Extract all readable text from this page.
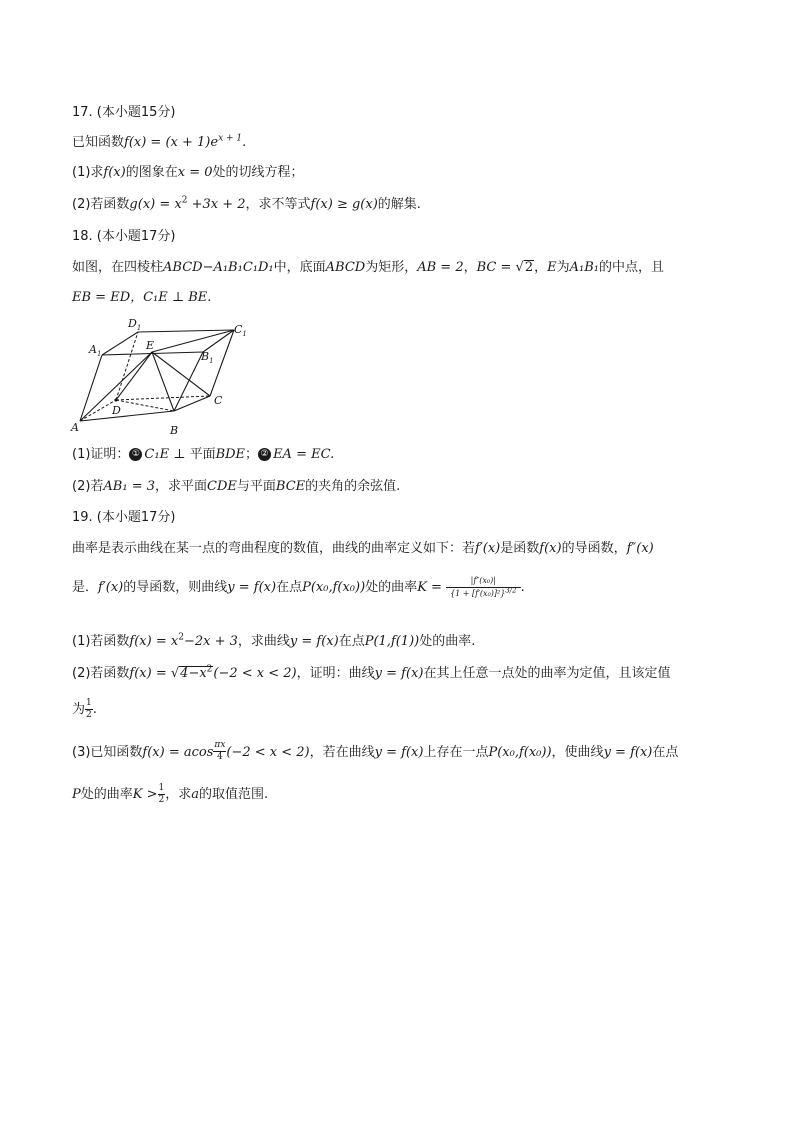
17. (本小题15分)
已知函数$f(x) = (x + 1)e^{x + 1}$.
(1)求f(x)的图象在x = 0处的切线方程；
(2)若函数$g(x) = x^2 +3x + 2$，求不等式f(x) ≥ g(x)的解集.
18. (本小题17分)
如图，在四棱柱ABCD−A₁B₁C₁D₁中，底面ABCD为矩形，AB = 2，BC = √2，E为A₁B₁的中点，且
EB = ED，C₁E ⊥ BE.
A	B
C
D
E
$A_1$	$B_1$
$C_1$
$D_1$
(1)证明： ① C₁E ⊥ 平面BDE； ② EA = EC.
(2)若AB₁ = 3，求平面CDE与平面BCE的夹角的余弦值.
19. (本小题17分)
曲率是表示曲线在某一点的弯曲程度的数值，曲线的曲率定义如下：若f′(x)是函数f(x)的导函数，f″(x)
是．f′(x)的导函数，则曲线y = f(x)在点P(x₀,f(x₀))处的曲率$K = \frac{\text{|f″(x₀)|}}{\{1 + [f'(x_0)]^2\}^{3/2}}$ .
(1)若函数$f(x) = x^2-2x + 3$，求曲线y = f(x)在点P(1,f(1))处的曲率.
(2)若函数$f(x) = √4-x^2(-2 < x < 2)$，证明：曲线y = f(x)在其上任意一点处的曲率为定值，且该定值
为 $\frac{1}{2}$ .
(3)已知函数f(x) = acos $\frac{\pi x}{4} (-2 < x < 2)$，若在曲线y = f(x)上存在一点P(x₀,f(x₀))，使曲线y = f(x)在点
P处的曲率$K > \frac{1}{2}$ ，求a的取值范围.
